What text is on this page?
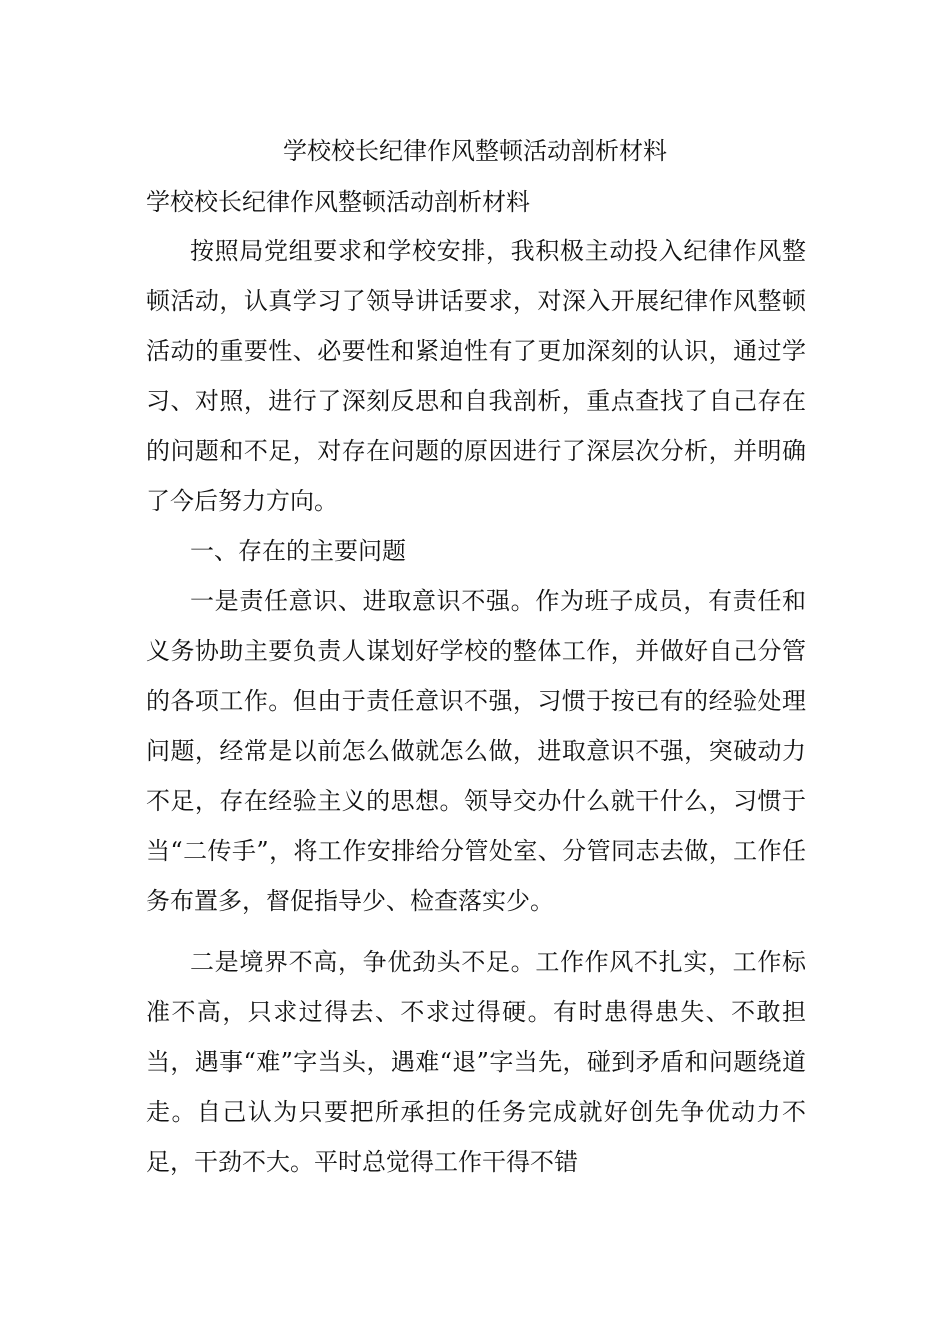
学校校长纪律作风整顿活动剖析材料
学校校长纪律作风整顿活动剖析材料

按照局党组要求和学校安排，我积极主动投入纪律作风整顿活动，认真学习了领导讲话要求，对深入开展纪律作风整顿活动的重要性、必要性和紧迫性有了更加深刻的认识，通过学习、对照，进行了深刻反思和自我剖析，重点查找了自己存在的问题和不足，对存在问题的原因进行了深层次分析，并明确了今后努力方向。

一、存在的主要问题

一是责任意识、进取意识不强。作为班子成员，有责任和义务协助主要负责人谋划好学校的整体工作，并做好自己分管的各项工作。但由于责任意识不强，习惯于按已有的经验处理问题，经常是以前怎么做就怎么做，进取意识不强，突破动力不足，存在经验主义的思想。领导交办什么就干什么，习惯于当“二传手”，将工作安排给分管处室、分管同志去做，工作任务布置多，督促指导少、检查落实少。

二是境界不高，争优劲头不足。工作作风不扎实，工作标准不高，只求过得去、不求过得硬。有时患得患失、不敢担当，遇事“难”字当头，遇难“退”字当先，碰到矛盾和问题绕道走。自己认为只要把所承担的任务完成就好创先争优动力不足，干劲不大。平时总觉得工作干得不错
